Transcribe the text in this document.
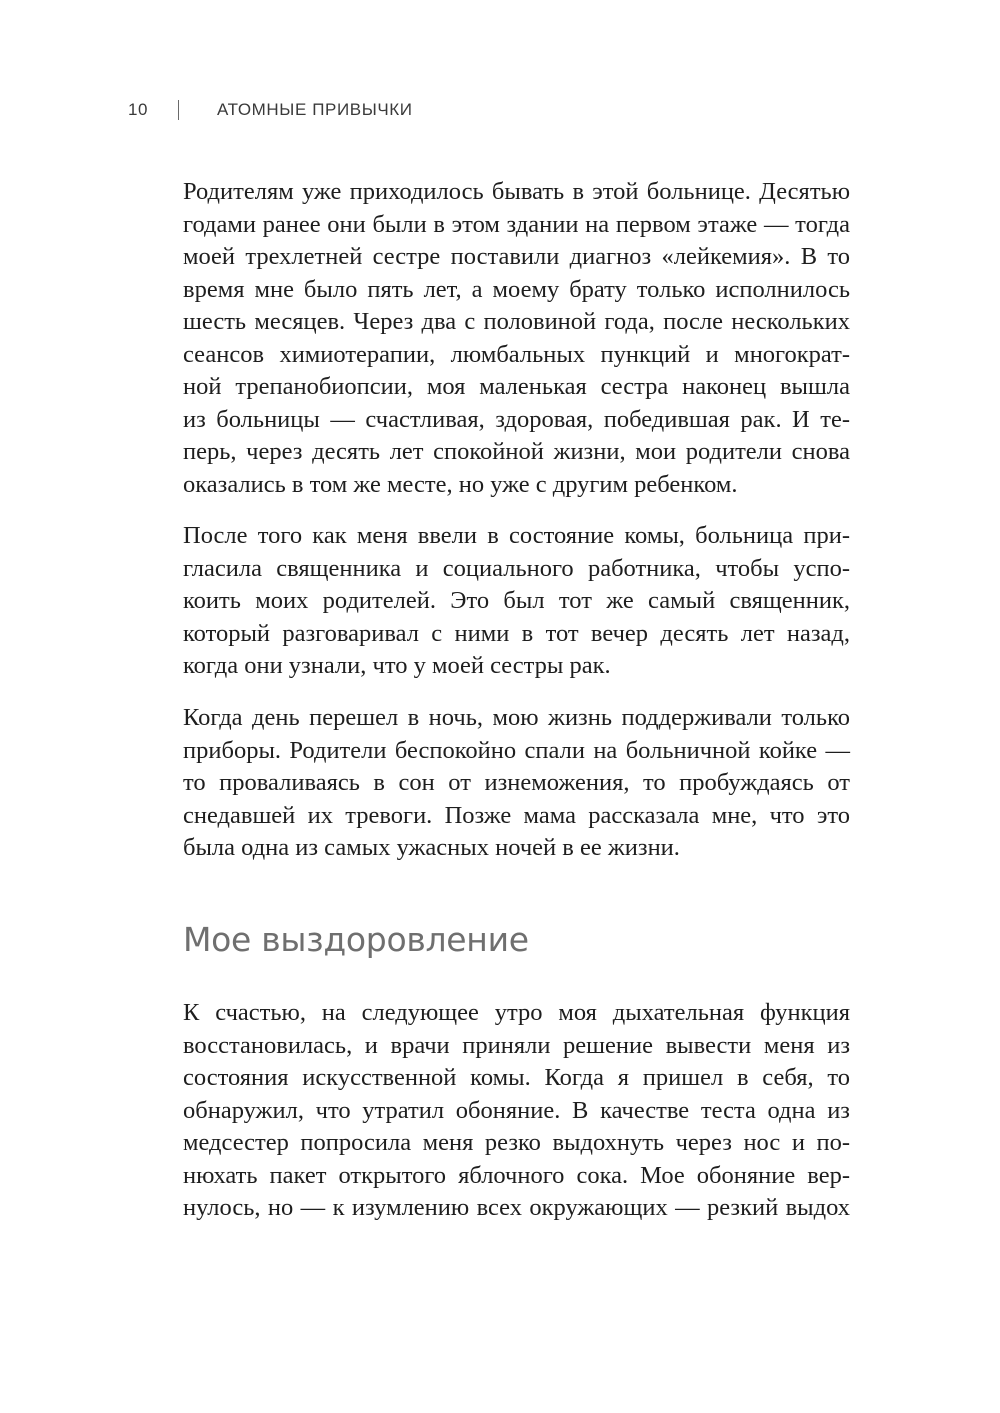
10	АТОМНЫЕ ПРИВЫЧКИ

Родителям уже приходилось бывать в этой больнице. Десятью

годами ранее они были в этом здании на первом этаже — тогда

моей трехлетней сестре поставили диагноз «лейкемия». В то

время мне было пять лет, а моему брату только исполнилось

шесть месяцев. Через два с половиной года, после нескольких

сеансов химиотерапии, люмбальных пункций и многократ-

ной трепанобиопсии, моя маленькая сестра наконец вышла

из больницы — счастливая, здоровая, победившая рак. И те-

перь, через десять лет спокойной жизни, мои родители снова

оказались в том же месте, но уже с другим ребенком.

После того как меня ввели в состояние комы, больница при-

гласила священника и социального работника, чтобы успо-

коить моих родителей. Это был тот же самый священник,

который разговаривал с ними в тот вечер десять лет назад,

когда они узнали, что у моей сестры рак.

Когда день перешел в ночь, мою жизнь поддерживали только

приборы. Родители беспокойно спали на больничной койке —

то проваливаясь в сон от изнеможения, то пробуждаясь от

снедавшей их тревоги. Позже мама рассказала мне, что это

была одна из самых ужасных ночей в ее жизни.

Мое выздоровление

К счастью, на следующее утро моя дыхательная функция

восстановилась, и врачи приняли решение вывести меня из

состояния искусственной комы. Когда я пришел в себя, то

обнаружил, что утратил обоняние. В качестве теста одна из

медсестер попросила меня резко выдохнуть через нос и по-

нюхать пакет открытого яблочного сока. Мое обоняние вер-

нулось, но — к изумлению всех окружающих — резкий выдох
